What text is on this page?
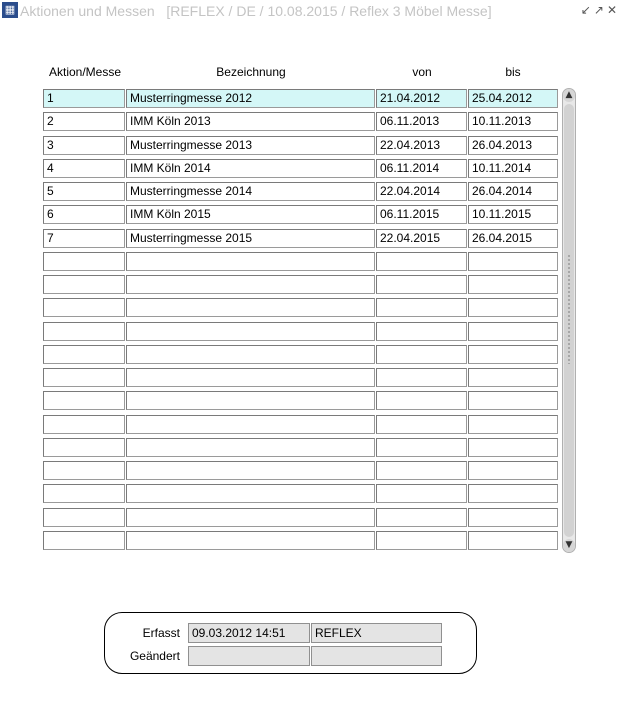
▦ Aktionen und Messen [REFLEX / DE / 10.08.2015 / Reflex 3 Möbel Messe]	↙↗✕
Aktion/Messe	Bezeichnung	von	bis
1	Musterringmesse 2012	21.04.2012	25.04.2012
2	IMM Köln 2013	06.11.2013	10.11.2013
3	Musterringmesse 2013	22.04.2013	26.04.2013
4	IMM Köln 2014	06.11.2014	10.11.2014
5	Musterringmesse 2014	22.04.2014	26.04.2014
6	IMM Köln 2015	06.11.2015	10.11.2015
7	Musterringmesse 2015	22.04.2015	26.04.2015
▲
▼
Erfasst	09.03.2012 14:51	REFLEX
Geändert
